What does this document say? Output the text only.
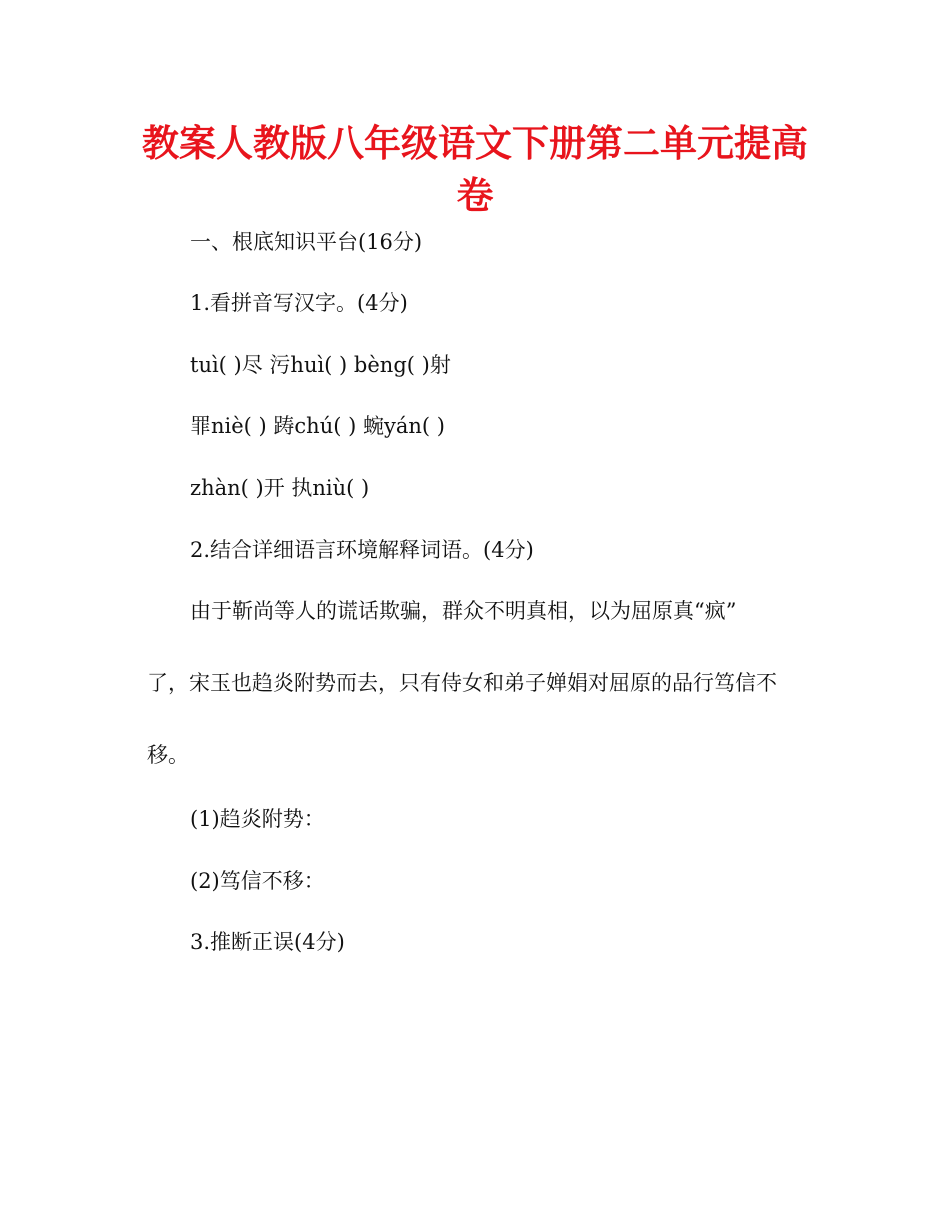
教案人教版八年级语文下册第二单元提高卷
一、根底知识平台(16分)
1.看拼音写汉字。(4分)
tuì( )尽 污huì( ) bèng( )射
罪niè( ) 踌chú( ) 蜿yán( )
zhàn( )开 执niù( )
2.结合详细语言环境解释词语。(4分)
由于靳尚等人的谎话欺骗，群众不明真相，以为屈原真“疯”
了，宋玉也趋炎附势而去，只有侍女和弟子婵娟对屈原的品行笃信不
移。
(1)趋炎附势：
(2)笃信不移：
3.推断正误(4分)
